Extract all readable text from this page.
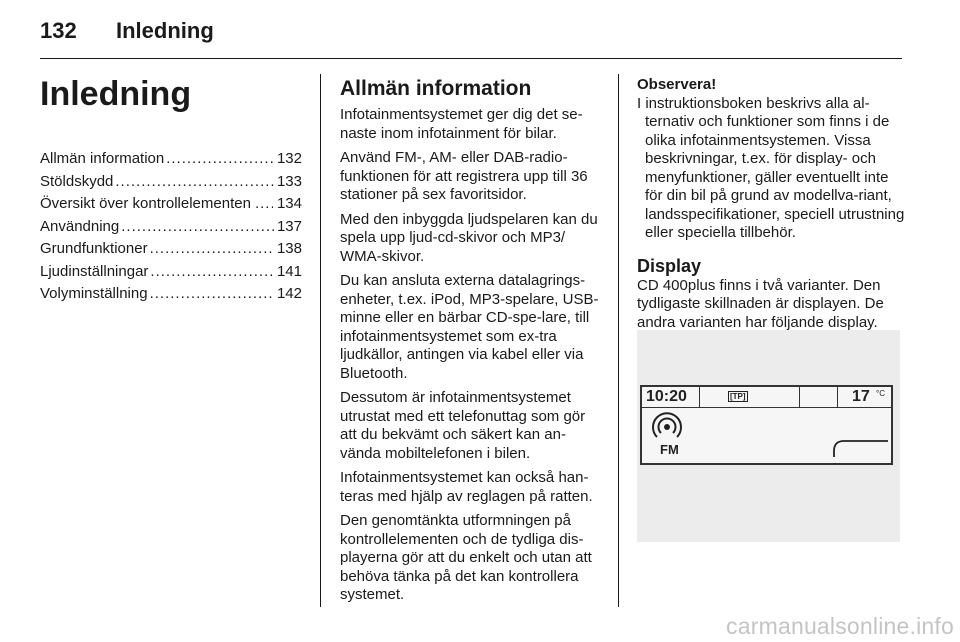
132 Inledning
Inledning
Allmän information .....	132
Stöldskydd .....	133
Översikt över kontrollelementen ..... 134
Användning .....	137
Grundfunktioner .....	138
Ljudinställningar .....	141
Volyminställning .....	142
Allmän information

Infotainmentsystemet ger dig det se-naste inom infotainment för bilar.

Använd FM-, AM- eller DAB-radio-funktionen för att registrera upp till 36 stationer på sex favoritsidor.

Med den inbyggda ljudspelaren kan du spela upp ljud-cd-skivor och MP3/ WMA-skivor.

Du kan ansluta externa datalagrings-enheter, t.ex. iPod, MP3-spelare, USB-minne eller en bärbar CD-spe-lare, till infotainmentsystemet som ex-tra ljudkällor, antingen via kabel eller via Bluetooth.

Dessutom är infotainmentsystemet utrustat med ett telefonuttag som gör att du bekvämt och säkert kan an-vända mobiltelefonen i bilen.

Infotainmentsystemet kan också han-teras med hjälp av reglagen på ratten.

Den genomtänkta utformningen på kontrollelementen och de tydliga dis-playerna gör att du enkelt och utan att behöva tänka på det kan kontrollera systemet.

Observera!

I instruktionsboken beskrivs alla al-ternativ och funktioner som finns i de olika infotainmentsystemen. Vissa beskrivningar, t.ex. för display- och menyfunktioner, gäller eventuellt inte för din bil på grund av modellva-riant, landsspecifikationer, speciell utrustning eller speciella tillbehör.

Display

CD 400plus finns i två varianter. Den tydligaste skillnaden är displayen. De andra varianten har följande display.

10:20	[TP]	17 °C
FM
carmanualsonline.info
